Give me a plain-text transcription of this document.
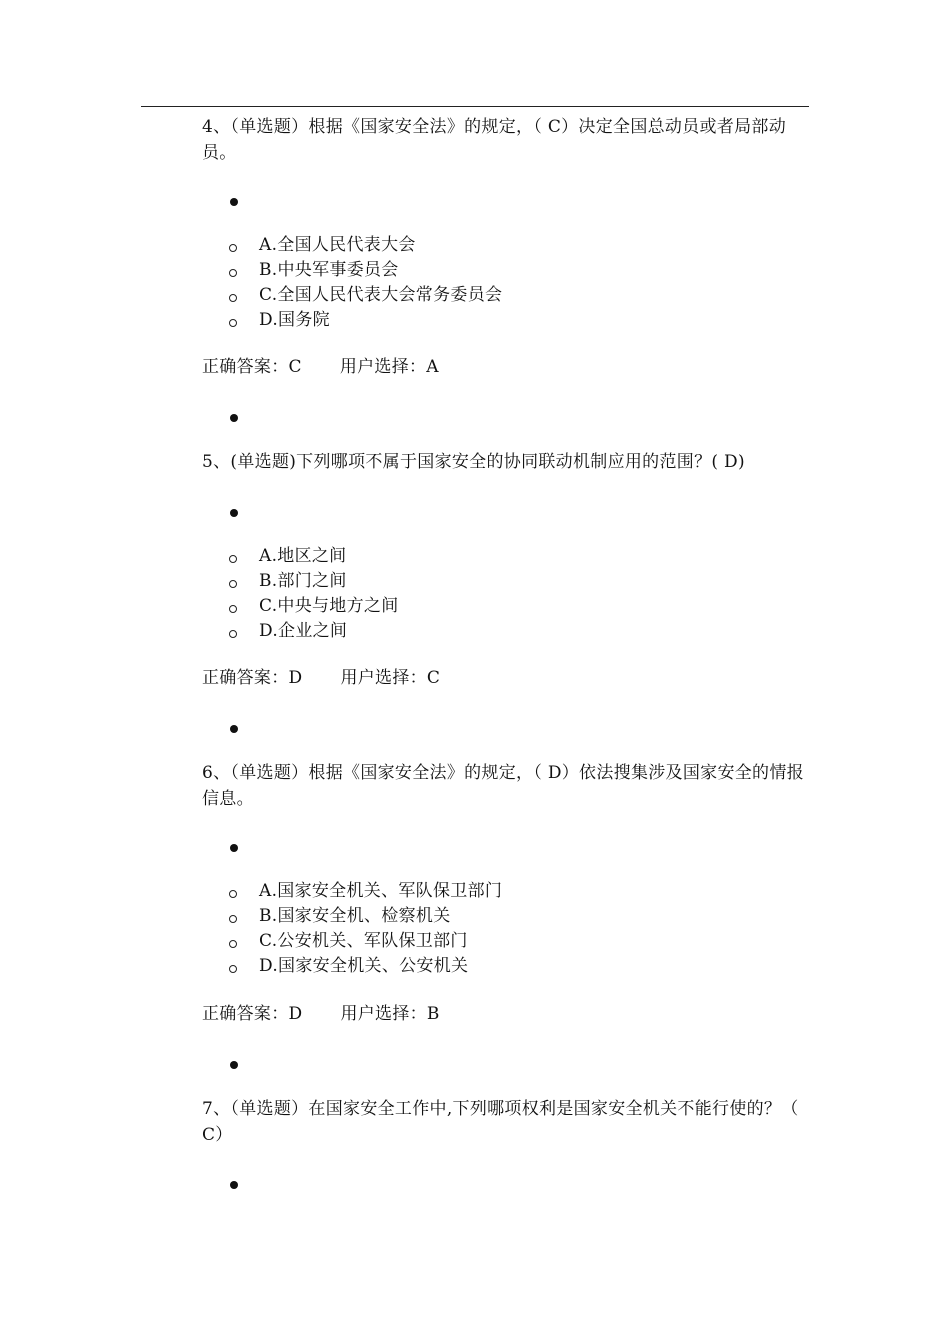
4、（单选题）根据《国家安全法》的规定，（ C）决定全国总动员或者局部动员。
A.全国人民代表大会
B.中央军事委员会
C.全国人民代表大会常务委员会
D.国务院
正确答案：C 用户选择：A
5、(单选题)下列哪项不属于国家安全的协同联动机制应用的范围？( D)
A.地区之间
B.部门之间
C.中央与地方之间
D.企业之间
正确答案：D 用户选择：C
6、（单选题）根据《国家安全法》的规定，（ D）依法搜集涉及国家安全的情报信息。
A.国家安全机关、军队保卫部门
B.国家安全机、检察机关
C.公安机关、军队保卫部门
D.国家安全机关、公安机关
正确答案：D 用户选择：B
7、（单选题）在国家安全工作中,下列哪项权利是国家安全机关不能行使的？（ C）
